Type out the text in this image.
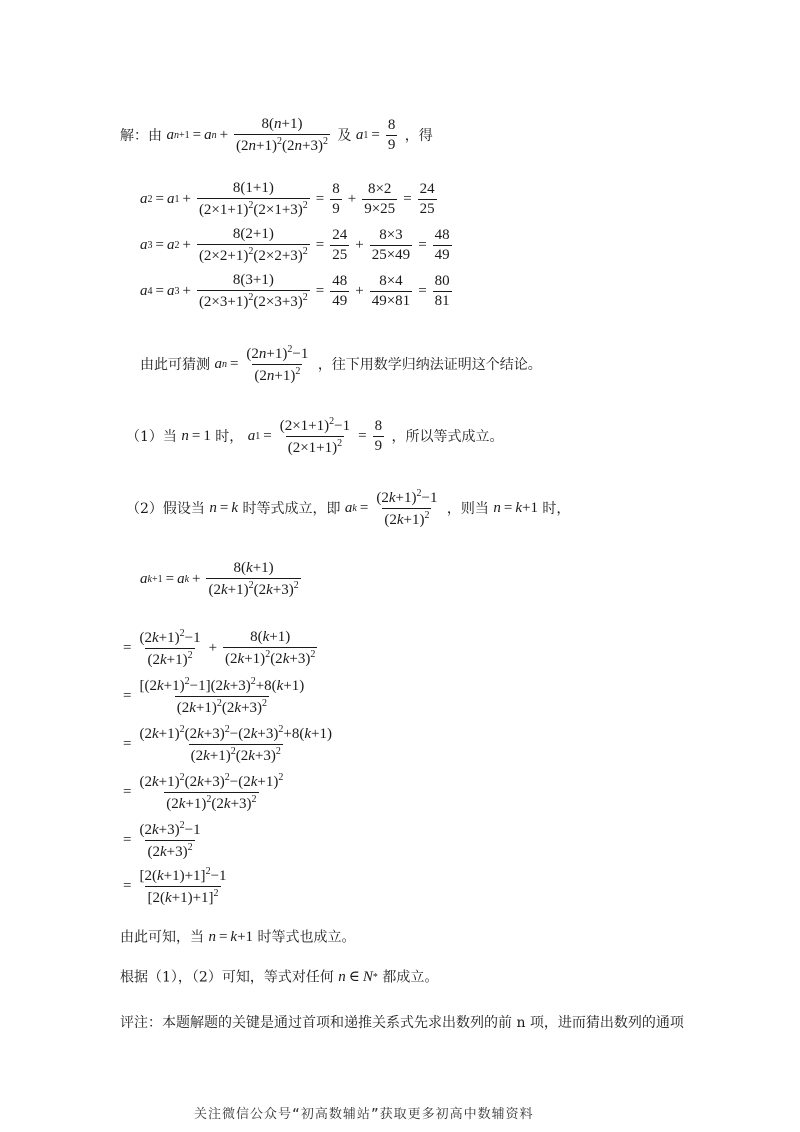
解：由 a n+1 = a $n + \frac{8(n+1)}{(2n+1)^2(2n+3)^2}$ 及 a $1 = \frac{8}{9}$ ，得
a 2 = a $1 + \frac{8(1+1)}{(2\times 1+1)^2(2\times 1+3)^2} = \frac{8}{9} + \frac{8\times 2}{9\times 25} = \frac{24}{25}$
a 3 = a $2 + \frac{8(2+1)}{(2\times 2+1)^2(2\times 2+3)^2} = \frac{24}{25} + \frac{8\times 3}{25\times 49} = \frac{48}{49}$
a 4 = a $3 + \frac{8(3+1)}{(2\times 3+1)^2(2\times 3+3)^2} = \frac{48}{49} + \frac{8\times 4}{49\times 81} = \frac{80}{81}$
由此可猜测 a $n = \frac{(2n+1)^2-1}{(2n+1)^2}$ ，往下用数学归纳法证明这个结论。
（1）当 n = 1 时， a $1 = \frac{(2\times 1+1)^2-1}{(2\times 1+1)^2} = \frac{8}{9}$ ，所以等式成立。
（2）假设当 n = k 时等式成立，即 a $k = \frac{(2k+1)^2-1}{(2k+1)^2}$ ，则当 n = k +1 时，
a k+1 = a $k + \frac{8(k+1)}{(2k+1)^2(2k+3)^2}$
= $\frac{(2k+1)^2-1}{(2k+1)^2} + \frac{8(k+1)}{(2k+1)^2(2k+3)^2}$
= $\frac{[(2k+1)^2-1](2k+3)^2+8(k+1)}{(2k+1)^2(2k+3)^2}$
= $\frac{(2k+1)^2(2k+3)^2-(2k+3)^2+8(k+1)}{(2k+1)^2(2k+3)^2}$
= $\frac{(2k+1)^2(2k+3)^2-(2k+1)^2}{(2k+1)^2(2k+3)^2}$
= $\frac{(2k+3)^2-1}{(2k+3)^2}$
= $\frac{[2(k+1)+1]^2-1}{[2(k+1)+1]^2}$
由此可知，当 n = k +1 时等式也成立。
根据（1），（2）可知，等式对任何 n ∈ N * 都成立。
评注：本题解题的关键是通过首项和递推关系式先求出数列的前 n 项，进而猜出数列的通项
关注微信公众号“初高数辅站”获取更多初高中数辅资料
